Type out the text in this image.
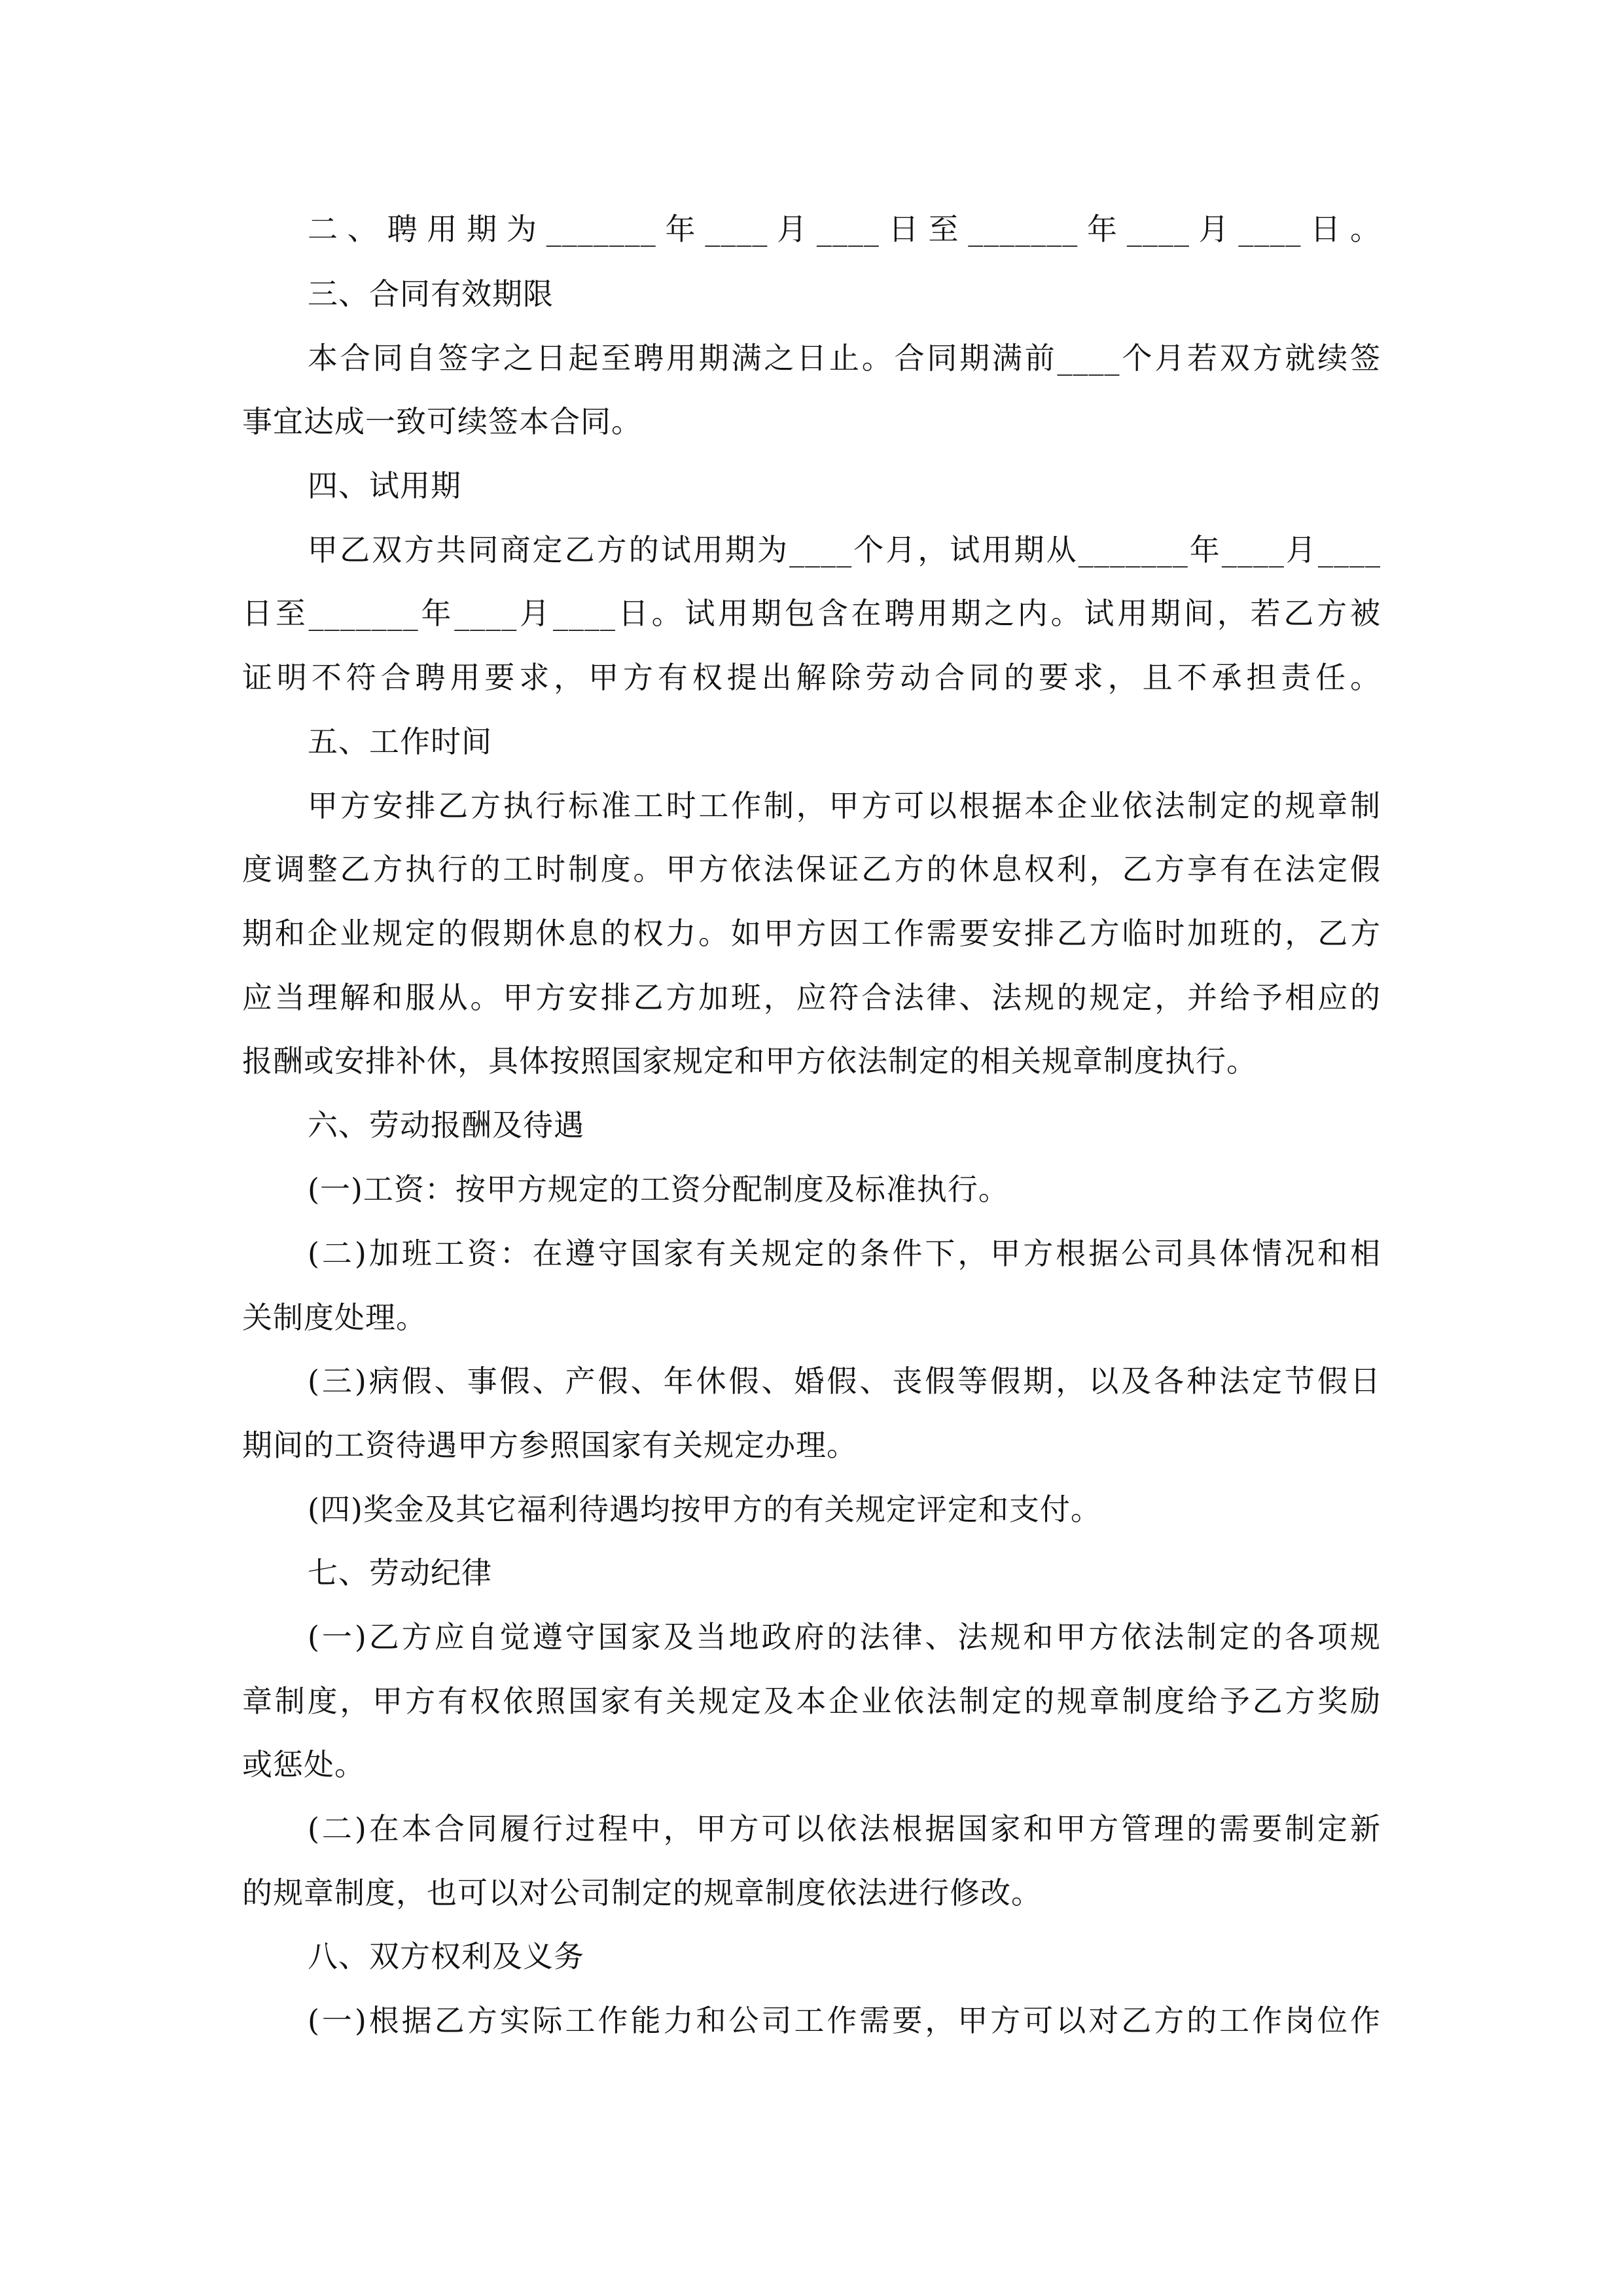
二、聘用期为_______年____月____日至_______年____月____日。
三、合同有效期限
本合同自签字之日起至聘用期满之日止。合同期满前____个月若双方就续签
事宜达成一致可续签本合同。
四、试用期
甲乙双方共同商定乙方的试用期为____个月，试用期从_______年____月____
日至_______年____月____日。试用期包含在聘用期之内。试用期间，若乙方被
证明不符合聘用要求，甲方有权提出解除劳动合同的要求，且不承担责任。
五、工作时间
甲方安排乙方执行标准工时工作制，甲方可以根据本企业依法制定的规章制
度调整乙方执行的工时制度。甲方依法保证乙方的休息权利，乙方享有在法定假
期和企业规定的假期休息的权力。如甲方因工作需要安排乙方临时加班的，乙方
应当理解和服从。甲方安排乙方加班，应符合法律、法规的规定，并给予相应的
报酬或安排补休，具体按照国家规定和甲方依法制定的相关规章制度执行。
六、劳动报酬及待遇
(一)工资：按甲方规定的工资分配制度及标准执行。
(二)加班工资：在遵守国家有关规定的条件下，甲方根据公司具体情况和相
关制度处理。
(三)病假、事假、产假、年休假、婚假、丧假等假期，以及各种法定节假日
期间的工资待遇甲方参照国家有关规定办理。
(四)奖金及其它福利待遇均按甲方的有关规定评定和支付。
七、劳动纪律
(一)乙方应自觉遵守国家及当地政府的法律、法规和甲方依法制定的各项规
章制度，甲方有权依照国家有关规定及本企业依法制定的规章制度给予乙方奖励
或惩处。
(二)在本合同履行过程中，甲方可以依法根据国家和甲方管理的需要制定新
的规章制度，也可以对公司制定的规章制度依法进行修改。
八、双方权利及义务
(一)根据乙方实际工作能力和公司工作需要，甲方可以对乙方的工作岗位作
